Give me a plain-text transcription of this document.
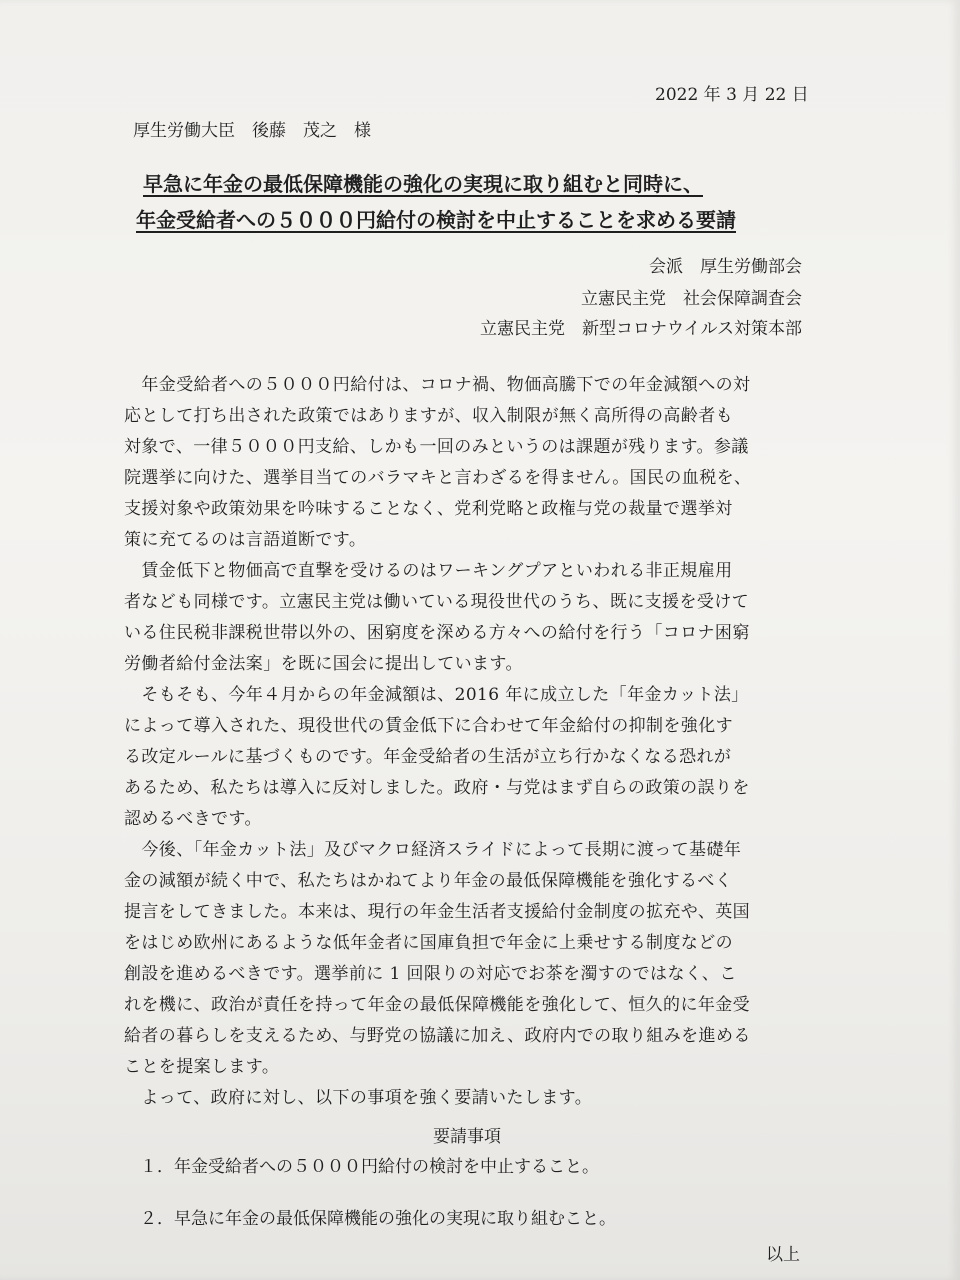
2022 年 3 月 22 日
厚生労働大臣　後藤　茂之　様
早急に年金の最低保障機能の強化の実現に取り組むと同時に、
年金受給者への５０００円給付の検討を中止することを求める要請
会派　厚生労働部会
立憲民主党　社会保障調査会
立憲民主党　新型コロナウイルス対策本部
　年金受給者への５０００円給付は、コロナ禍、物価高騰下での年金減額への対
応として打ち出された政策ではありますが、収入制限が無く高所得の高齢者も
対象で、一律５０００円支給、しかも一回のみというのは課題が残ります。参議
院選挙に向けた、選挙目当てのバラマキと言わざるを得ません。国民の血税を、
支援対象や政策効果を吟味することなく、党利党略と政権与党の裁量で選挙対
策に充てるのは言語道断です。
　賃金低下と物価高で直撃を受けるのはワーキングプアといわれる非正規雇用
者なども同様です。立憲民主党は働いている現役世代のうち、既に支援を受けて
いる住民税非課税世帯以外の、困窮度を深める方々への給付を行う「コロナ困窮
労働者給付金法案」を既に国会に提出しています。
　そもそも、今年４月からの年金減額は、2016 年に成立した「年金カット法」
によって導入された、現役世代の賃金低下に合わせて年金給付の抑制を強化す
る改定ルールに基づくものです。年金受給者の生活が立ち行かなくなる恐れが
あるため、私たちは導入に反対しました。政府・与党はまず自らの政策の誤りを
認めるべきです。
　今後、「年金カット法」及びマクロ経済スライドによって長期に渡って基礎年
金の減額が続く中で、私たちはかねてより年金の最低保障機能を強化するべく
提言をしてきました。本来は、現行の年金生活者支援給付金制度の拡充や、英国
をはじめ欧州にあるような低年金者に国庫負担で年金に上乗せする制度などの
創設を進めるべきです。選挙前に 1 回限りの対応でお茶を濁すのではなく、こ
れを機に、政治が責任を持って年金の最低保障機能を強化して、恒久的に年金受
給者の暮らしを支えるため、与野党の協議に加え、政府内での取り組みを進める
ことを提案します。
　よって、政府に対し、以下の事項を強く要請いたします。
要請事項
１．年金受給者への５０００円給付の検討を中止すること。
２．早急に年金の最低保障機能の強化の実現に取り組むこと。
以上
